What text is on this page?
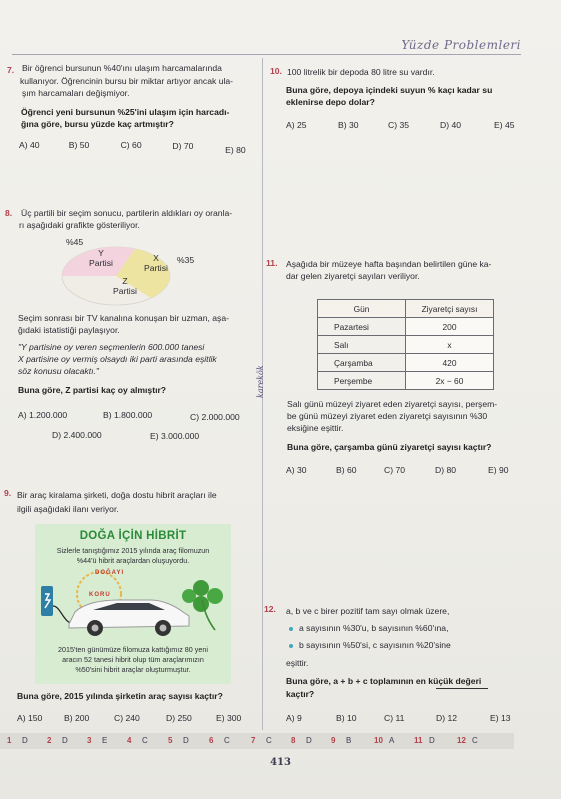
Yüzde Problemleri
karekök
7. Bir öğrenci bursunun %40'ını ulaşım harcamalarında
kullanıyor. Öğrencinin bursu bir miktar artıyor ancak ula-
şım harcamaları değişmiyor.
Öğrenci yeni bursunun %25'ini ulaşım için harcadı-
ğına göre, bursu yüzde kaç artmıştır?
A) 40	B) 50	C) 60	D) 70	E) 80
8. Üç partili bir seçim sonucu, partilerin aldıkları oy oranla-
rı aşağıdaki grafikte gösteriliyor.
%45
%35
Y
Partisi	X
Partisi
Z
Partisi
Seçim sonrası bir TV kanalına konuşan bir uzman, aşa-
ğıdaki istatistiği paylaşıyor.
"Y partisine oy veren seçmenlerin 600.000 tanesi
X partisine oy vermiş olsaydı iki parti arasında eşitlik
söz konusu olacaktı."
Buna göre, Z partisi kaç oy almıştır?
A) 1.200.000	B) 1.800.000	C) 2.000.000
D) 2.400.000	E) 3.000.000
9. Bir araç kiralama şirketi, doğa dostu hibrit araçları ile
ilgili aşağıdaki ilanı veriyor.
DOĞA İÇİN HİBRİT
Sizlerle tanıştığımız 2015 yılında araç filomuzun
%44'ü hibrit araçlardan oluşuyordu.
DOĞAYI
KORU
2015'ten günümüze filomuza kattığımız 80 yeni
aracın 52 tanesi hibrit olup tüm araçlarımızın
%50'sini hibrit araçlar oluşturmuştur.
Buna göre, 2015 yılında şirketin araç sayısı kaçtır?
A) 150	B) 200	C) 240	D) 250	E) 300
10. 100 litrelik bir depoda 80 litre su vardır.
Buna göre, depoya içindeki suyun % kaçı kadar su
eklenirse depo dolar?
A) 25	B) 30	C) 35	D) 40	E) 45
11. Aşağıda bir müzeye hafta başından belirtilen güne ka-
dar gelen ziyaretçi sayıları veriliyor.
Gün	Ziyaretçi sayısı
Pazartesi	200
Salı	x
Çarşamba	420
Perşembe	2x − 60
Salı günü müzeyi ziyaret eden ziyaretçi sayısı, perşem-
be günü müzeyi ziyaret eden ziyaretçi sayısının %30
eksiğine eşittir.
Buna göre, çarşamba günü ziyaretçi sayısı kaçtır?
A) 30	B) 60	C) 70	D) 80	E) 90
12. a, b ve c birer pozitif tam sayı olmak üzere,
a sayısının %30'u, b sayısının %60'ına,
b sayısının %50'si, c sayısının %20'sine
eşittir.
Buna göre, a + b + c toplamının en küçük değeri
kaçtır?
A) 9	B) 10	C) 11	D) 12	E) 13
1	D	2	D	3	E	4	C	5	D	6	C	7	C	8	D	9	B	10 A	11 D	12 C
413
